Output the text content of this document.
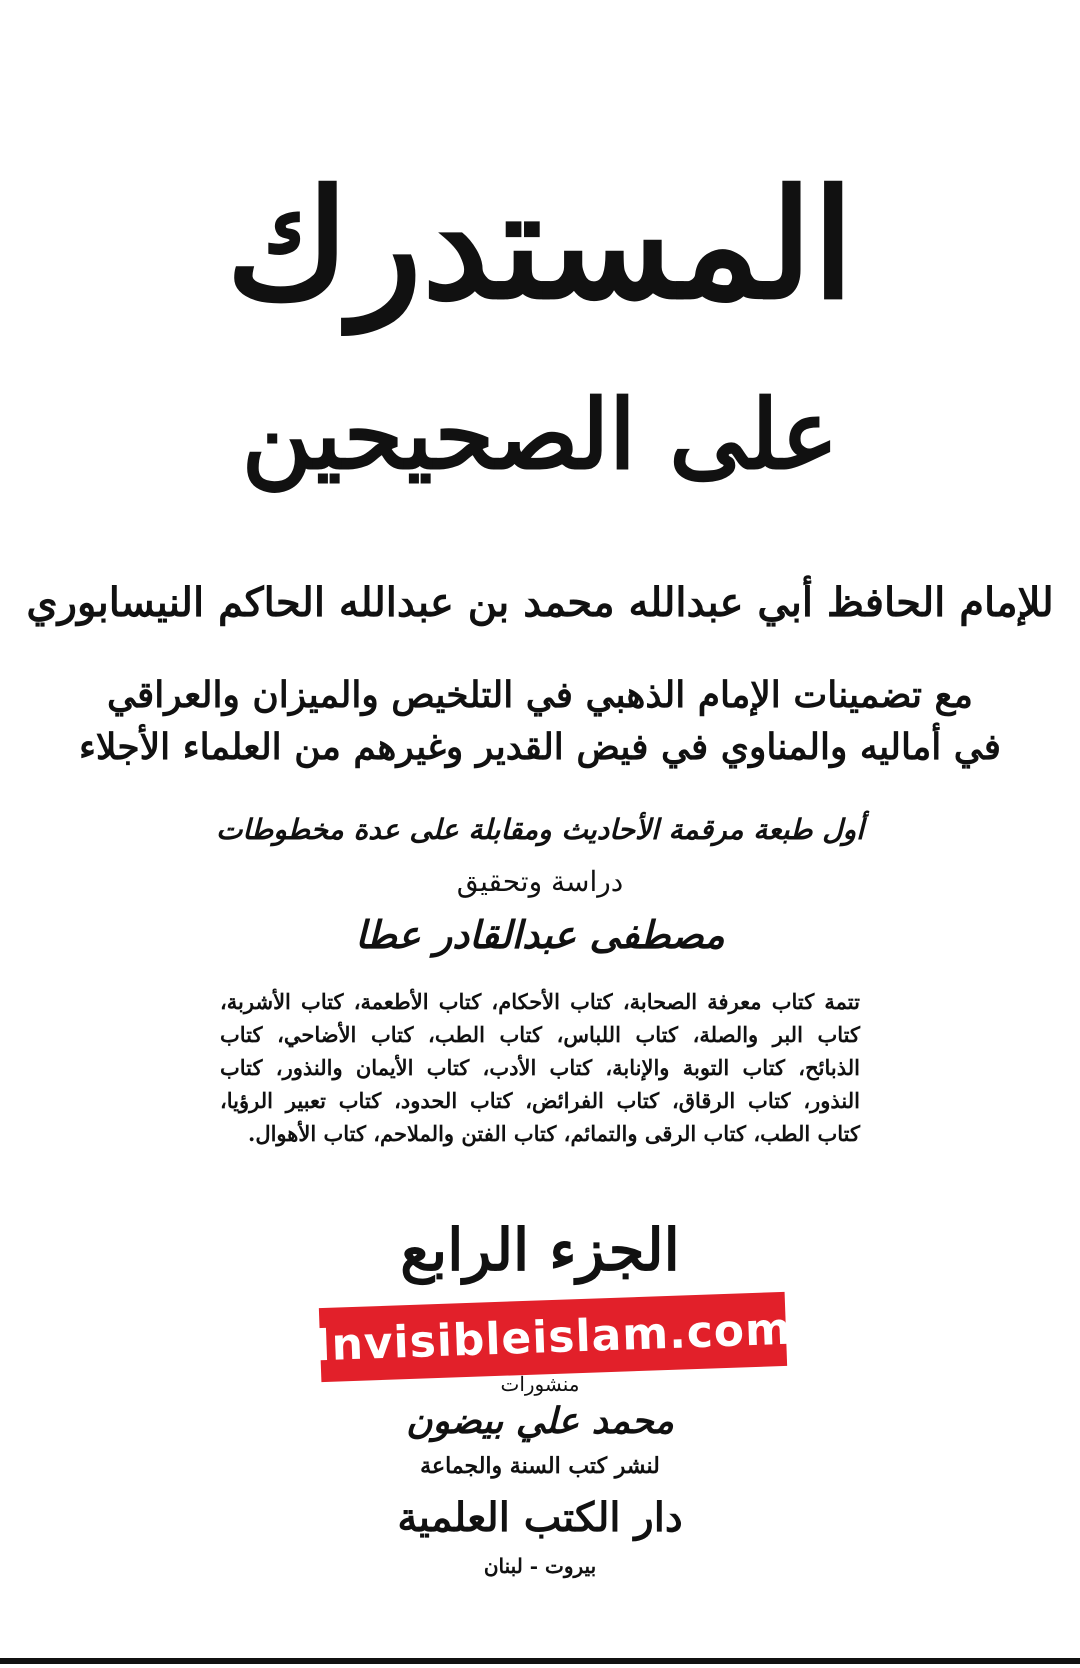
المستدرك
على الصحيحين
للإمام الحافظ أبي عبدالله محمد بن عبدالله الحاكم النيسابوري
مع تضمينات الإمام الذهبي في التلخيص والميزان والعراقي
في أماليه والمناوي في فيض القدير وغيرهم من العلماء الأجلاء
أول طبعة مرقمة الأحاديث ومقابلة على عدة مخطوطات
دراسة وتحقيق
مصطفى عبدالقادر عطا
تتمة كتاب معرفة الصحابة، كتاب الأحكام، كتاب الأطعمة، كتاب الأشربة، كتاب البر والصلة، كتاب اللباس، كتاب الطب، كتاب الأضاحي، كتاب الذبائح، كتاب التوبة والإنابة، كتاب الأدب، كتاب الأيمان والنذور، كتاب النذور، كتاب الرقاق، كتاب الفرائض، كتاب الحدود، كتاب تعبير الرؤيا، كتاب الطب، كتاب الرقى والتمائم، كتاب الفتن والملاحم، كتاب الأهوال.
الجزء الرابع
Invisibleislam.com
منشورات
محمد علي بيضون
لنشر كتب السنة والجماعة
دار الكتب العلمية
بيروت - لبنان
